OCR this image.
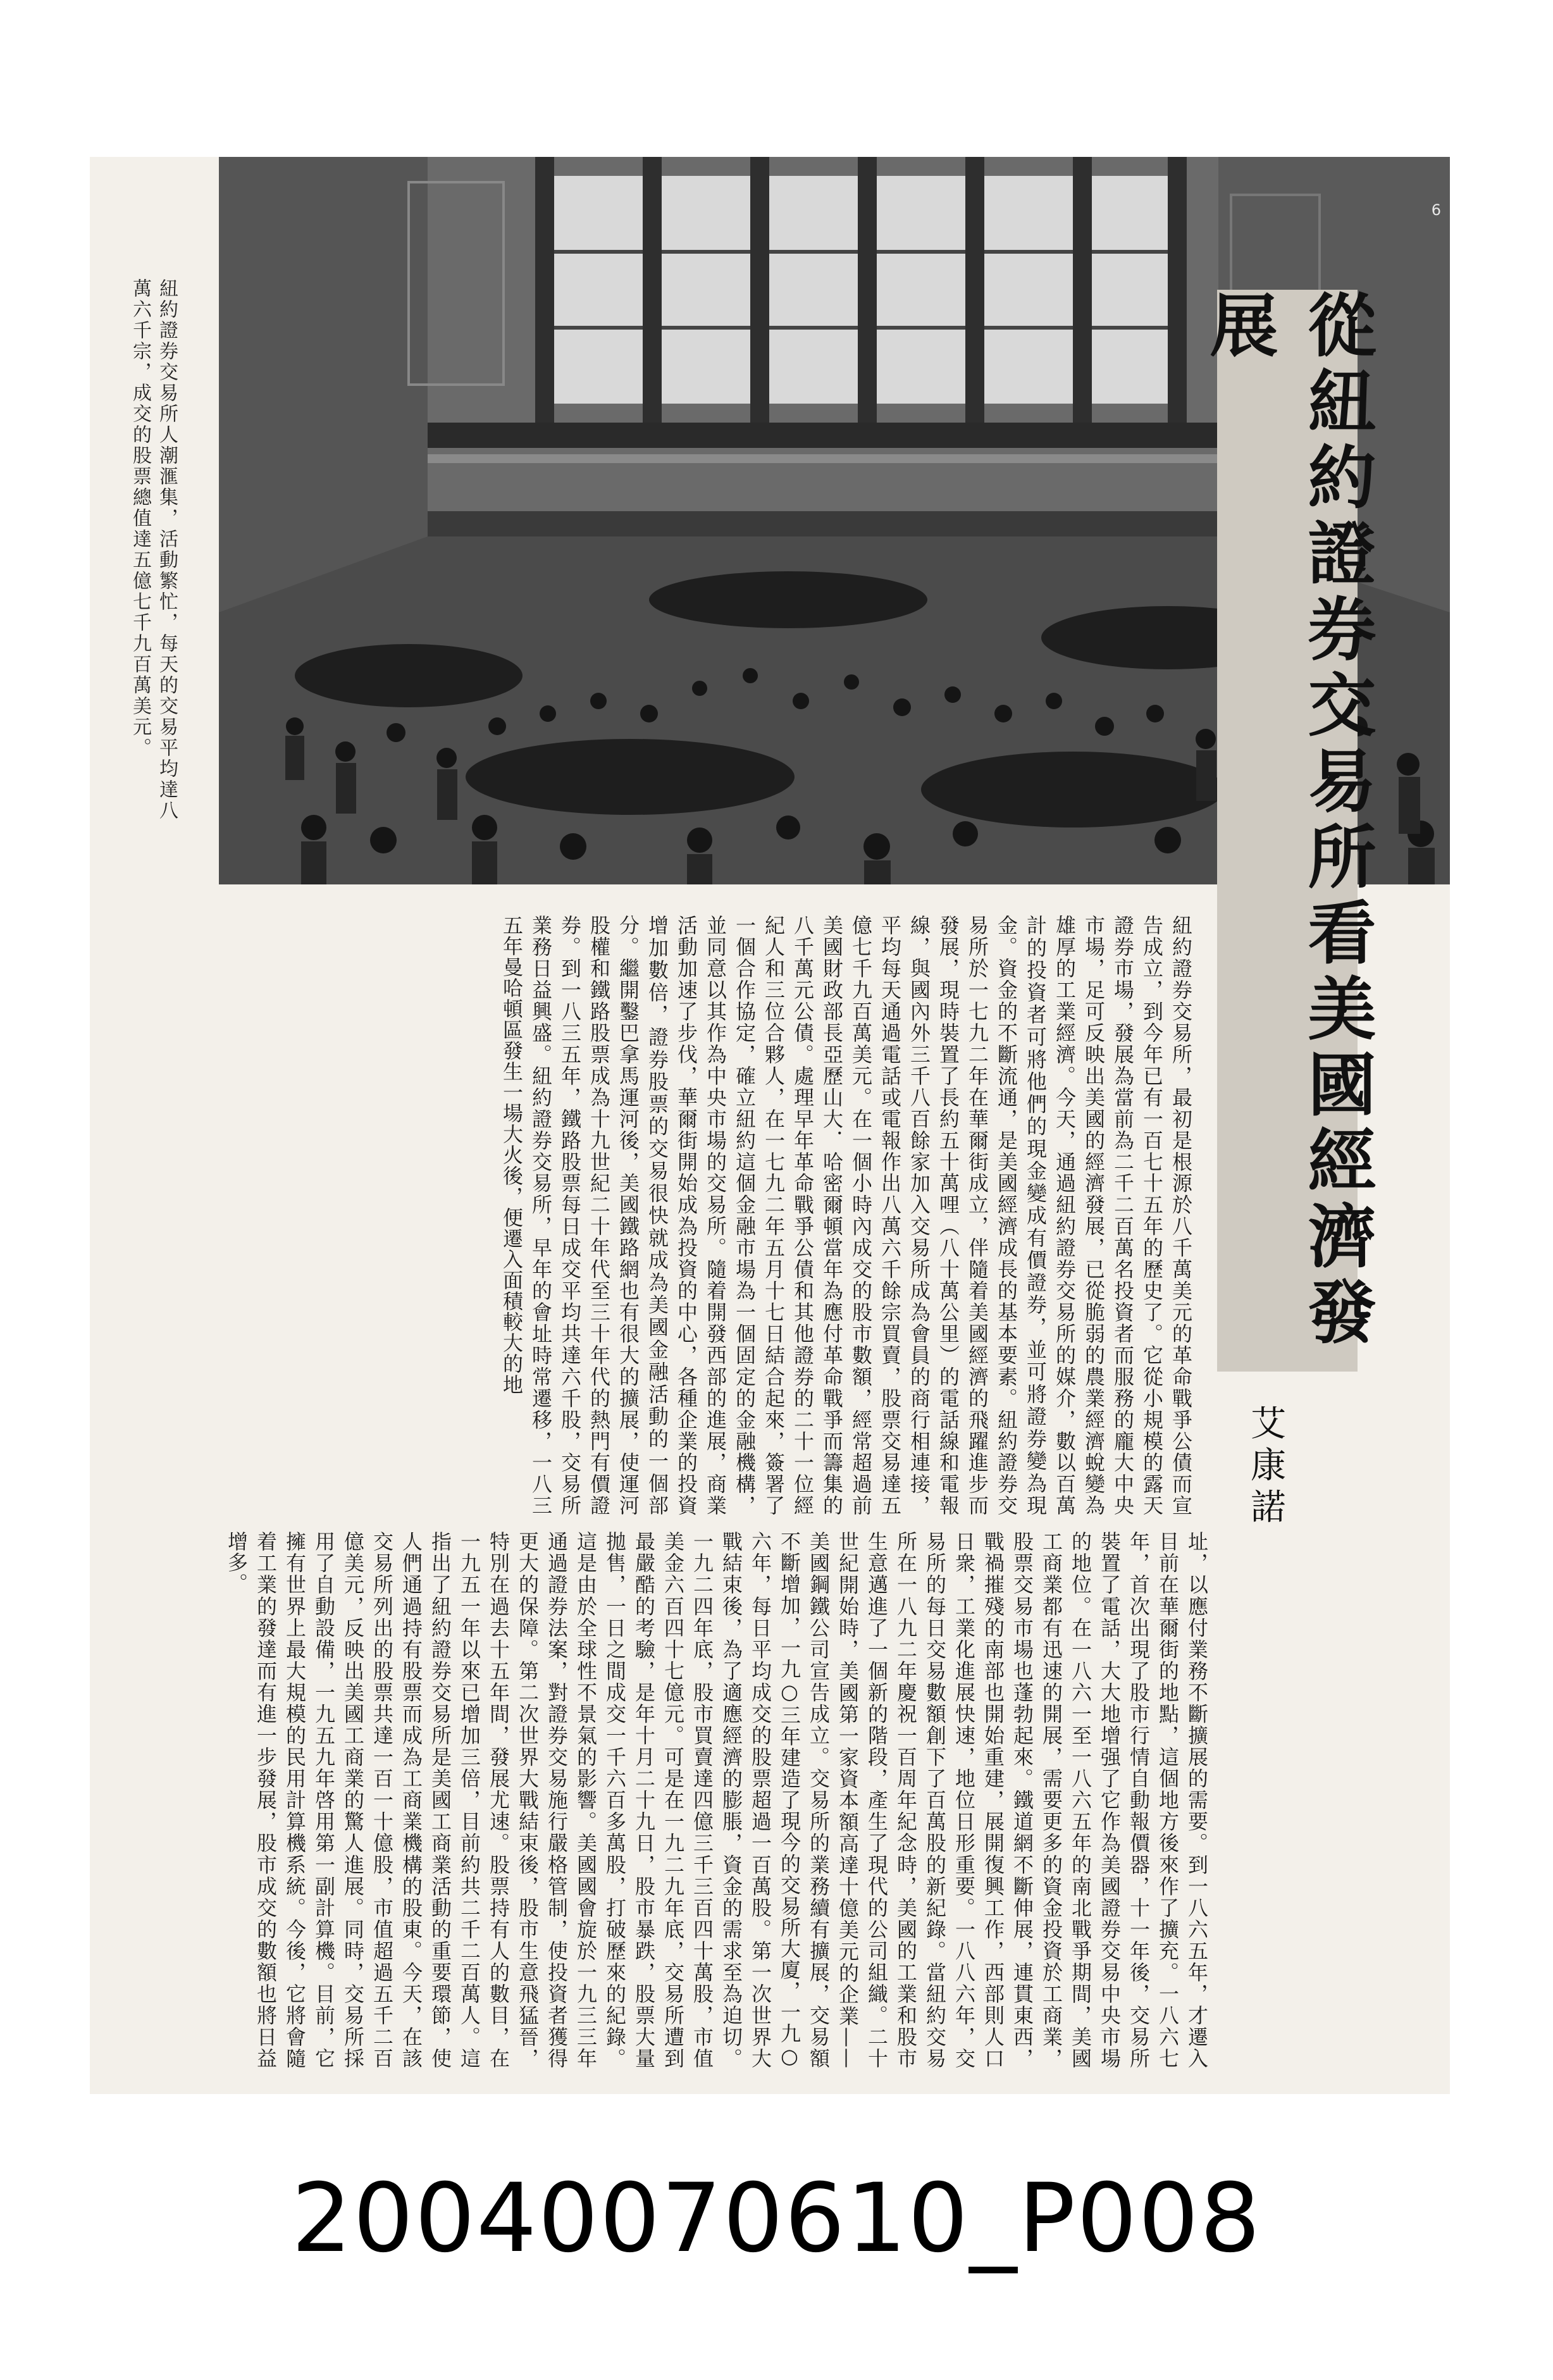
6
紐約證券交易所人潮滙集，活動繁忙，每天的交易平均達八萬六千宗，成交的股票總值達五億七千九百萬美元。	從紐約證券交易所看美國經濟發展
艾康諾
紐約證券交易所，最初是根源於八千萬美元的革命戰爭公債而宣告成立，到今年已有一百七十五年的歷史了。它從小規模的露天證券市場，發展為當前為二千二百萬名投資者而服務的龐大中央市場，足可反映出美國的經濟發展，已從脆弱的農業經濟蛻變為雄厚的工業經濟。今天，通過紐約證券交易所的媒介，數以百萬計的投資者可將他們的現金變成有價證券，並可將證券變為現金。資金的不斷流通，是美國經濟成長的基本要素。紐約證券交易所於一七九二年在華爾街成立，伴隨着美國經濟的飛躍進步而發展，現時裝置了長約五十萬哩（八十萬公里）的電話線和電報線，與國內外三千八百餘家加入交易所成為會員的商行相連接，平均每天通過電話或電報作出八萬六千餘宗買賣，股票交易達五億七千九百萬美元。在一個小時內成交的股市數額，經常超過前美國財政部長亞歷山大．哈密爾頓當年為應付革命戰爭而籌集的八千萬元公債。處理早年革命戰爭公債和其他證券的二十一位經紀人和三位合夥人，在一七九二年五月十七日結合起來，簽署了一個合作協定，確立紐約這個金融市場為一個固定的金融機構，並同意以其作為中央市場的交易所。隨着開發西部的進展，商業活動加速了步伐，華爾街開始成為投資的中心，各種企業的投資增加數倍，證券股票的交易很快就成為美國金融活動的一個部分。繼開鑿巴拿馬運河後，美國鐵路網也有很大的擴展，使運河股權和鐵路股票成為十九世紀二十年代至三十年代的熱門有價證券。到一八三五年，鐵路股票每日成交平均共達六千股，交易所業務日益興盛。紐約證券交易所，早年的會址時常遷移，一八三五年曼哈頓區發生一場大火後，便遷入面積較大的地
址，以應付業務不斷擴展的需要。到一八六五年，才遷入目前在華爾街的地點，這個地方後來作了擴充。一八六七年，首次出現了股市行情自動報價器，十一年後，交易所裝置了電話，大大地增强了它作為美國證券交易中央市場的地位。在一八六一至一八六五年的南北戰爭期間，美國工商業都有迅速的開展，需要更多的資金投資於工商業，股票交易市場也蓬勃起來。鐵道網不斷伸展，連貫東西，戰禍摧殘的南部也開始重建，展開復興工作，西部則人口日衆，工業化進展快速，地位日形重要。一八八六年，交易所的每日交易數額創下了百萬股的新紀錄。當紐約交易所在一八九二年慶祝一百周年紀念時，美國的工業和股市生意邁進了一個新的階段，產生了現代的公司組織。二十世紀開始時，美國第一家資本額高達十億美元的企業——美國鋼鐵公司宣告成立。交易所的業務續有擴展，交易額不斷增加，一九○三年建造了現今的交易所大廈，一九○六年，每日平均成交的股票超過一百萬股。第一次世界大戰結束後，為了適應經濟的膨脹，資金的需求至為迫切。一九二四年底，股市買賣達四億三千三百四十萬股，市值美金六百四十七億元。可是在一九二九年底，交易所遭到最嚴酷的考驗，是年十月二十九日，股市暴跌，股票大量拋售，一日之間成交一千六百多萬股，打破歷來的紀錄。這是由於全球性不景氣的影響。美國國會旋於一九三三年通過證券法案，對證券交易施行嚴格管制，使投資者獲得更大的保障。第二次世界大戰結束後，股市生意飛猛晉，特別在過去十五年間，發展尤速。股票持有人的數目，在一九五一年以來已增加三倍，目前約共二千二百萬人。這指出了紐約證券交易所是美國工商業活動的重要環節，使人們通過持有股票而成為工商業機構的股東。今天，在該交易所列出的股票共達一百一十億股，市值超過五千二百億美元，反映出美國工商業的驚人進展。同時，交易所採用了自動設備，一九五九年啓用第一副計算機。目前，它擁有世界上最大規模的民用計算機系統。今後，它將會隨着工業的發達而有進一步發展，股市成交的數額也將日益增多。
20040070610_P008
